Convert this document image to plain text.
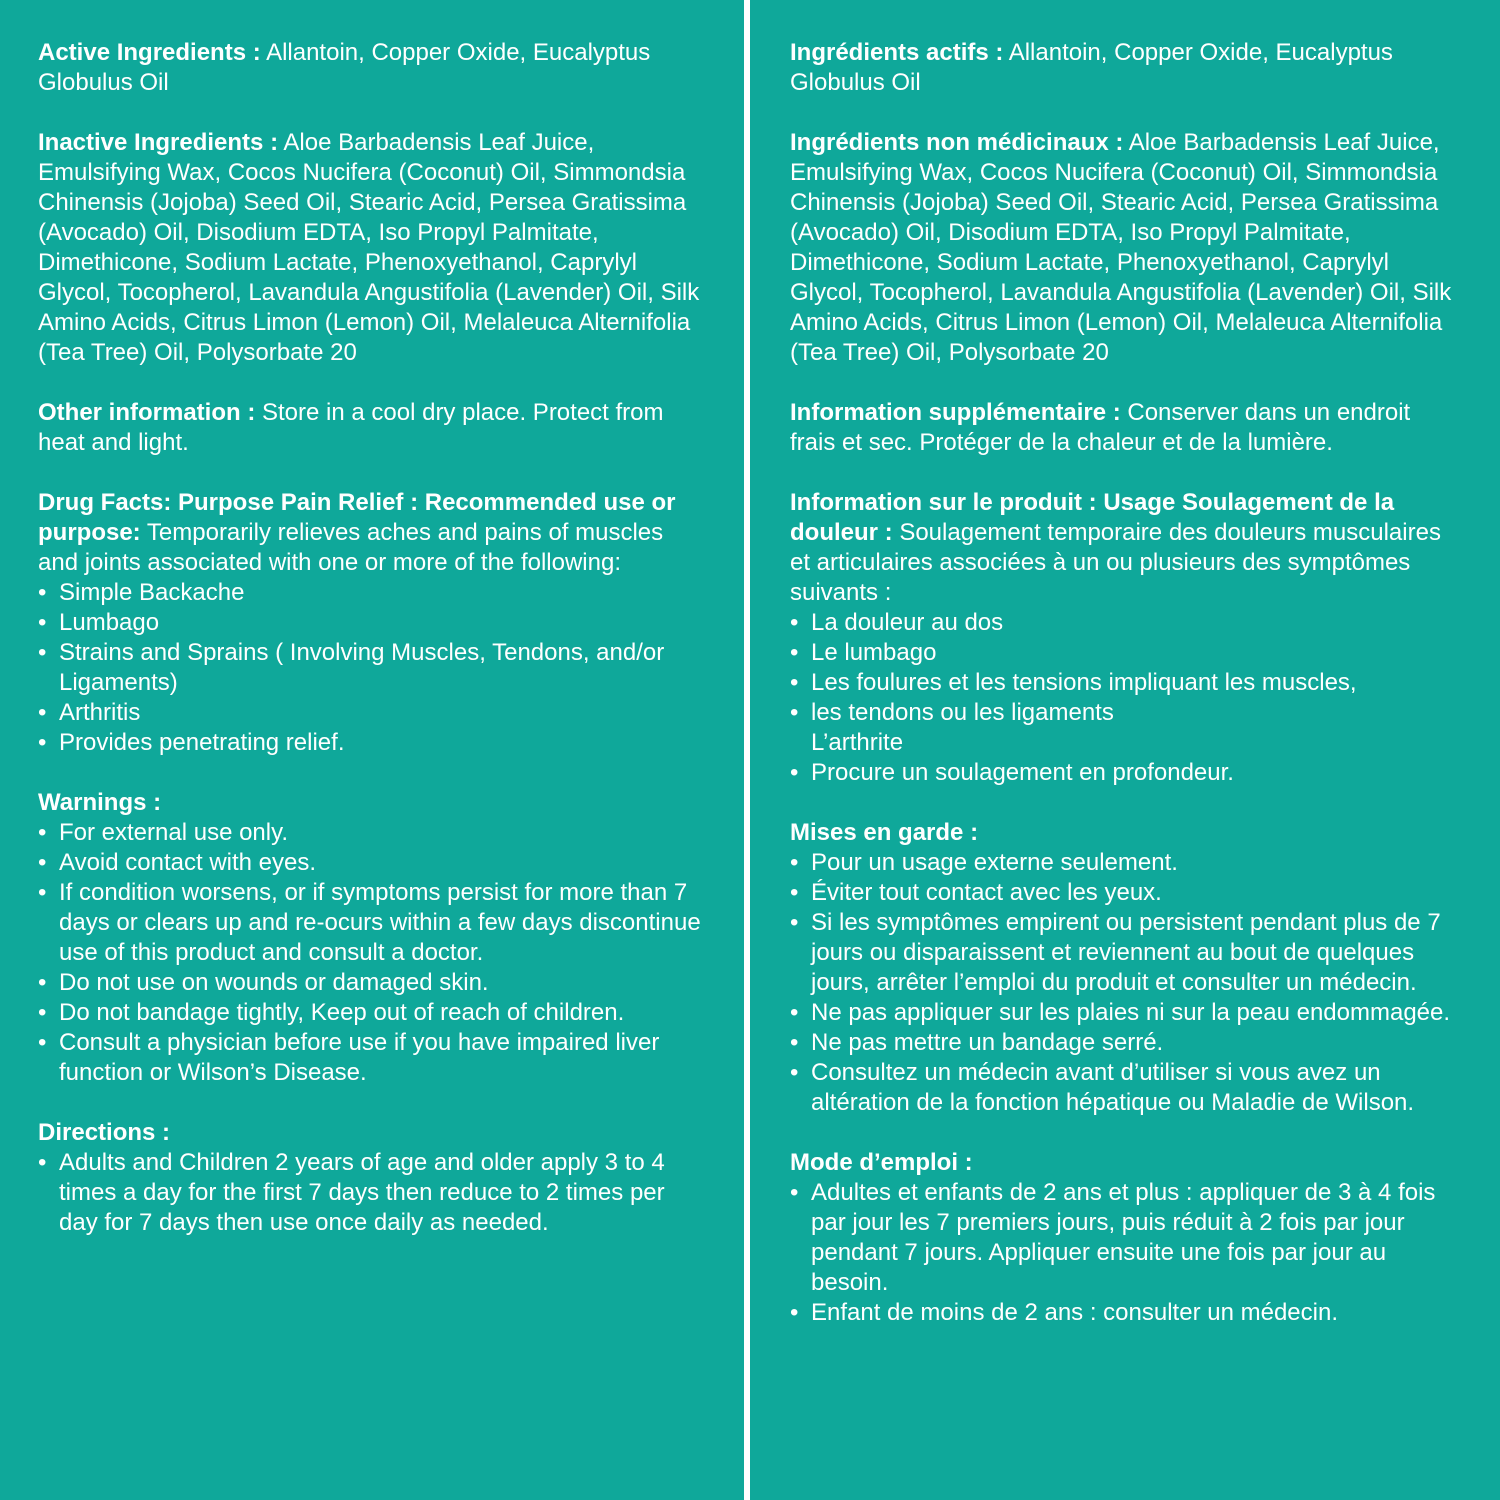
Active Ingredients : Allantoin, Copper Oxide, Eucalyptus Globulus Oil

Inactive Ingredients : Aloe Barbadensis Leaf Juice, Emulsifying Wax, Cocos Nucifera (Coconut) Oil, Simmondsia Chinensis (Jojoba) Seed Oil, Stearic Acid, Persea Gratissima (Avocado) Oil, Disodium EDTA, Iso Propyl Palmitate, Dimethicone, Sodium Lactate, Phenoxyethanol, Caprylyl Glycol, Tocopherol, Lavandula Angustifolia (Lavender) Oil, Silk Amino Acids, Citrus Limon (Lemon) Oil, Melaleuca Alternifolia (Tea Tree) Oil, Polysorbate 20

Other information : Store in a cool dry place. Protect from heat and light.

Drug Facts: Purpose Pain Relief : Recommended use or purpose: Temporarily relieves aches and pains of muscles and joints associated with one or more of the following:

• Simple Backache
• Lumbago
• Strains and Sprains ( Involving Muscles, Tendons, and/or Ligaments)
• Arthritis
• Provides penetrating relief.

Warnings :

• For external use only.
• Avoid contact with eyes.
• If condition worsens, or if symptoms persist for more than 7 days or clears up and re-ocurs within a few days discontinue use of this product and consult a doctor.
• Do not use on wounds or damaged skin.
• Do not bandage tightly, Keep out of reach of children.
• Consult a physician before use if you have impaired liver function or Wilson’s Disease.

Directions :

• Adults and Children 2 years of age and older apply 3 to 4 times a day for the first 7 days then reduce to 2 times per day for 7 days then use once daily as needed.

Ingrédients actifs : Allantoin, Copper Oxide, Eucalyptus Globulus Oil

Ingrédients non médicinaux : Aloe Barbadensis Leaf Juice, Emulsifying Wax, Cocos Nucifera (Coconut) Oil, Simmondsia Chinensis (Jojoba) Seed Oil, Stearic Acid, Persea Gratissima (Avocado) Oil, Disodium EDTA, Iso Propyl Palmitate, Dimethicone, Sodium Lactate, Phenoxyethanol, Caprylyl Glycol, Tocopherol, Lavandula Angustifolia (Lavender) Oil, Silk Amino Acids, Citrus Limon (Lemon) Oil, Melaleuca Alternifolia (Tea Tree) Oil, Polysorbate 20

Information supplémentaire : Conserver dans un endroit frais et sec. Protéger de la chaleur et de la lumière.

Information sur le produit : Usage Soulagement de la douleur : Soulagement temporaire des douleurs musculaires et articulaires associées à un ou plusieurs des symptômes suivants :

• La douleur au dos
• Le lumbago
• Les foulures et les tensions impliquant les muscles,
• les tendons ou les ligaments
L’arthrite
• Procure un soulagement en profondeur.

Mises en garde :

• Pour un usage externe seulement.
• Éviter tout contact avec les yeux.
• Si les symptômes empirent ou persistent pendant plus de 7 jours ou disparaissent et reviennent au bout de quelques jours, arrêter l’emploi du produit et consulter un médecin.
• Ne pas appliquer sur les plaies ni sur la peau endommagée.
• Ne pas mettre un bandage serré.
• Consultez un médecin avant d’utiliser si vous avez un altération de la fonction hépatique ou Maladie de Wilson.

Mode d’emploi :

• Adultes et enfants de 2 ans et plus : appliquer de 3 à 4 fois par jour les 7 premiers jours, puis réduit à 2 fois par jour pendant 7 jours. Appliquer ensuite une fois par jour au besoin.
• Enfant de moins de 2 ans : consulter un médecin.
